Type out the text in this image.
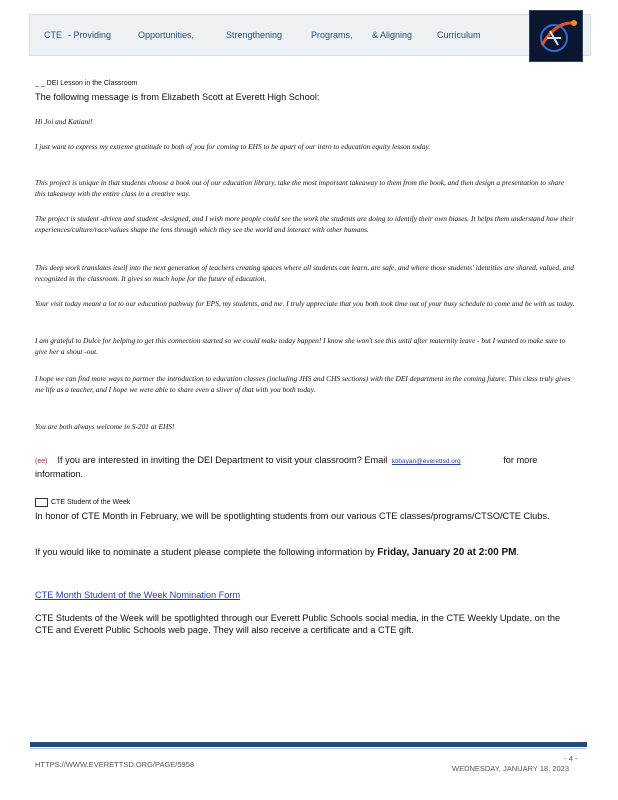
CTE - Providing	Opportunities,	Strengthening	Programs, & Aligning	Curriculum
_ _ DEI Lesson in the Classroom
The following message is from Elizabeth Scott at Everett High School:
Hi Joi and Katiani!
I just want to express my extreme gratitude to both of you for coming to EHS to be apart of our intro to education equity lesson today.
This project is unique in that students choose a book out of our education library, take the most important takeaway to them from the book, and then design a presentation to share this takeaway with the entire class in a creative way.
The project is student -driven and student -designed, and I wish more people could see the work the students are doing to identify their own biases. It helps them understand how their experiences/culture/race/values shape the lens through which they see the world and interact with other humans.
This deep work translates itself into the next generation of teachers creating spaces where all students can learn, are safe, and where those students' identities are shared, valued, and recognized in the classroom. It gives so much hope for the future of education.
Your visit today meant a lot to our education pathway for EPS, my students, and me. I truly appreciate that you both took time out of your busy schedule to come and be with us today.
I am grateful to Dulce for helping to get this connection started so we could make today happen! I know she won't see this until after maternity leave - but I wanted to make sure to give her a shout -out.
I hope we can find more ways to partner the introduction to education classes (including JHS and CHS sections) with the DEI department in the coming future. This class truly gives me life as a teacher, and I hope we were able to share even a sliver of that with you both today.
You are both always welcome in S-201 at EHS!
(ee) If you are interested in inviting the DEI Department to visit your classroom? Email ktibayan@everettsd.org	for more information.
CTE Student of the Week
In honor of CTE Month in February, we will be spotlighting students from our various CTE classes/programs/CTSO/CTE Clubs.
If you would like to nominate a student please complete the following information by Friday, January 20 at 2:00 PM.
CTE Month Student of the Week Nomination Form
CTE Students of the Week will be spotlighted through our Everett Public Schools social media, in the CTE Weekly Update, on the CTE and Everett Public Schools web page. They will also receive a certificate and a CTE gift.
HTTPS://WWW.EVERETTSD.ORG/PAGE/5958
- 4 -
WEDNESDAY, JANUARY 18, 2023
